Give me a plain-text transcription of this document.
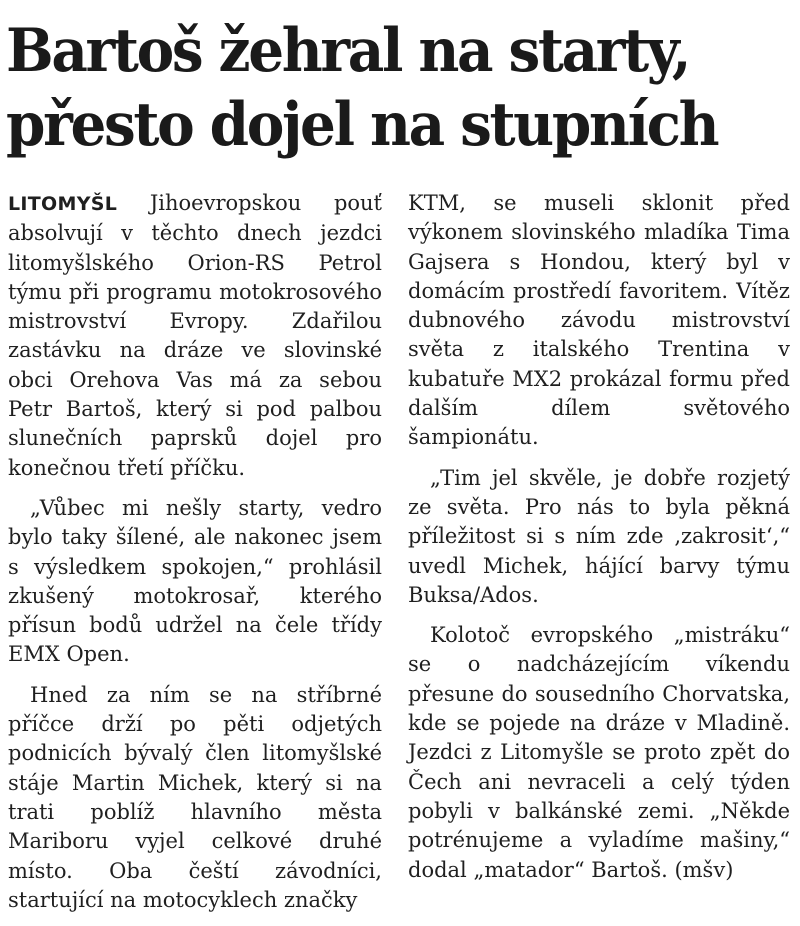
Bartoš žehral na starty,
přesto dojel na stupních

LITOMYŠL Jihoevropskou pouť absolvují v těchto dnech jezdci litomyšlského Orion-RS Petrol týmu při programu motokrosového mistrovství Evropy. Zdařilou zastávku na dráze ve slovinské obci Orehova Vas má za sebou Petr Bartoš, který si pod palbou slunečních paprsků dojel pro konečnou třetí příčku.

„Vůbec mi nešly starty, vedro bylo taky šílené, ale nakonec jsem s výsledkem spokojen,“ prohlásil zkušený motokrosař, kterého přísun bodů udržel na čele třídy EMX Open.

Hned za ním se na stříbrné příčce drží po pěti odjetých podnicích bývalý člen litomyšlské stáje Martin Michek, který si na trati poblíž hlavního města Mariboru vyjel celkové druhé místo. Oba čeští závodníci, startující na motocyklech značky

KTM, se museli sklonit před výkonem slovinského mladíka Tima Gajsera s Hondou, který byl v domácím prostředí favoritem. Vítěz dubnového závodu mistrovství světa z italského Trentina v kubatuře MX2 prokázal formu před dalším dílem světového šampionátu.

„Tim jel skvěle, je dobře rozjetý ze světa. Pro nás to byla pěkná příležitost si s ním zde ‚zakrosit‘,“ uvedl Michek, hájící barvy týmu Buksa/Ados.

Kolotoč evropského „mistráku“ se o nadcházejícím víkendu přesune do sousedního Chorvatska, kde se pojede na dráze v Mladině. Jezdci z Litomyšle se proto zpět do Čech ani nevraceli a celý týden pobyli v balkánské zemi. „Někde potrénujeme a vyladíme mašiny,“ dodal „matador“ Bartoš. (mšv)
